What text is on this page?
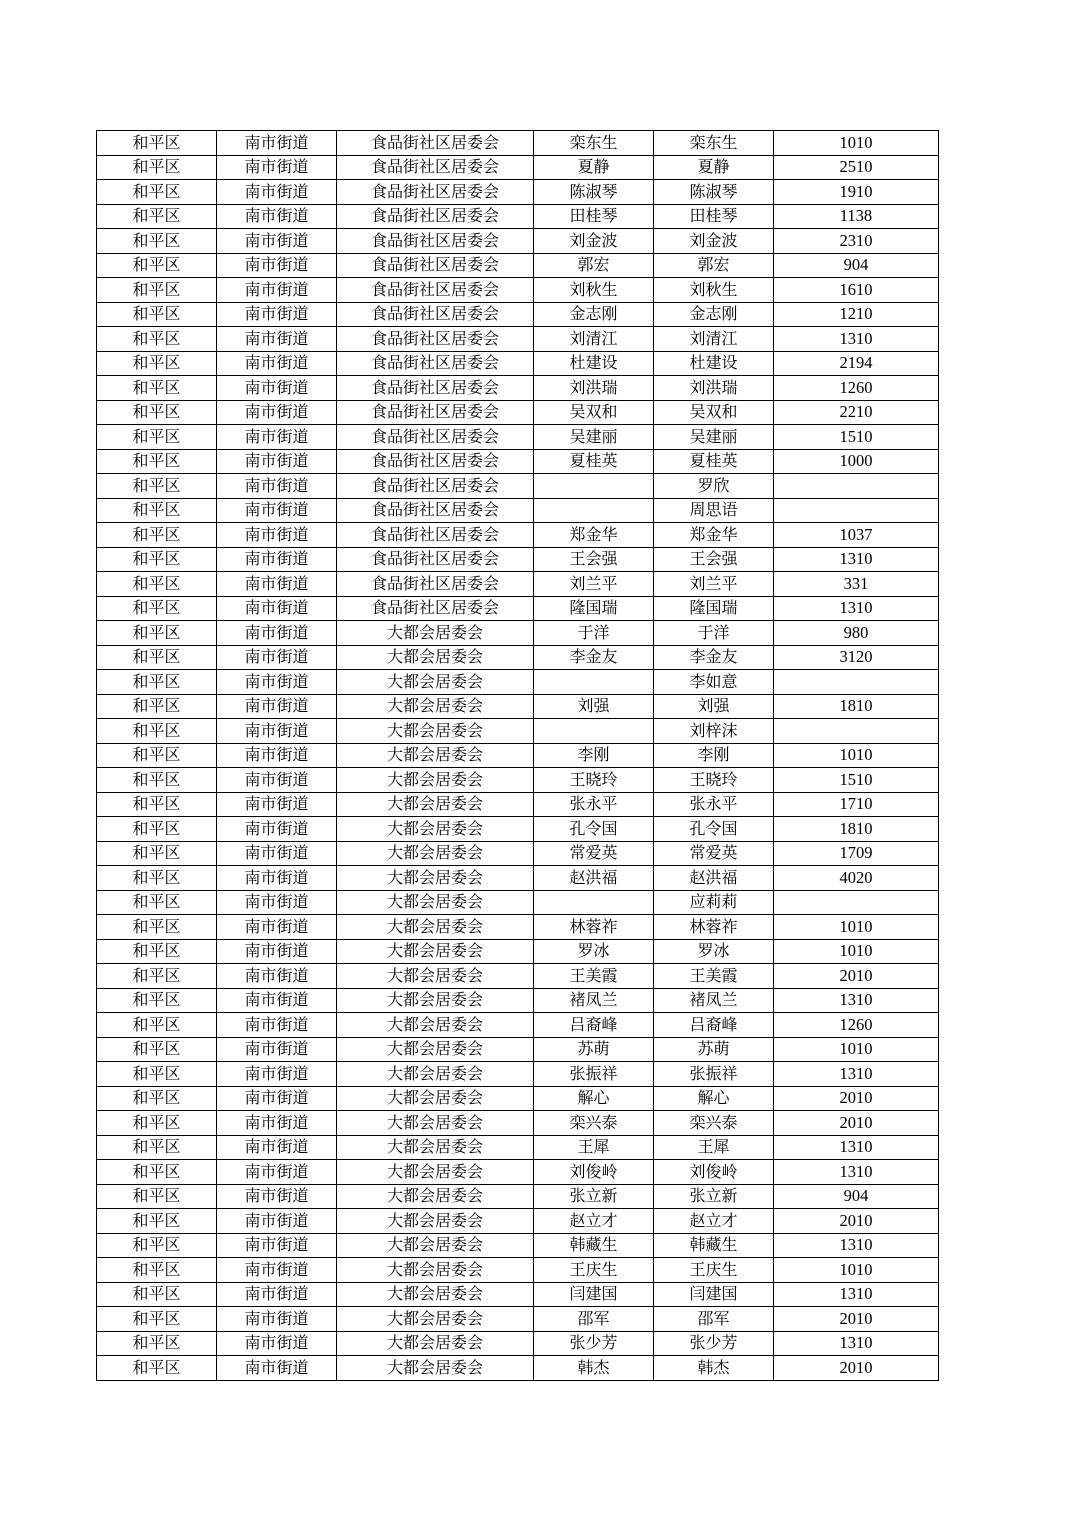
和平区	南市街道	食品街社区居委会	栾东生	栾东生	1010
和平区	南市街道	食品街社区居委会	夏静	夏静	2510
和平区	南市街道	食品街社区居委会	陈淑琴	陈淑琴	1910
和平区	南市街道	食品街社区居委会	田桂琴	田桂琴	1138
和平区	南市街道	食品街社区居委会	刘金波	刘金波	2310
和平区	南市街道	食品街社区居委会	郭宏	郭宏	904
和平区	南市街道	食品街社区居委会	刘秋生	刘秋生	1610
和平区	南市街道	食品街社区居委会	金志刚	金志刚	1210
和平区	南市街道	食品街社区居委会	刘清江	刘清江	1310
和平区	南市街道	食品街社区居委会	杜建设	杜建设	2194
和平区	南市街道	食品街社区居委会	刘洪瑞	刘洪瑞	1260
和平区	南市街道	食品街社区居委会	吴双和	吴双和	2210
和平区	南市街道	食品街社区居委会	吴建丽	吴建丽	1510
和平区	南市街道	食品街社区居委会	夏桂英	夏桂英	1000
和平区	南市街道	食品街社区居委会		罗欣	
和平区	南市街道	食品街社区居委会		周思语	
和平区	南市街道	食品街社区居委会	郑金华	郑金华	1037
和平区	南市街道	食品街社区居委会	王会强	王会强	1310
和平区	南市街道	食品街社区居委会	刘兰平	刘兰平	331
和平区	南市街道	食品街社区居委会	隆国瑞	隆国瑞	1310
和平区	南市街道	大都会居委会	于洋	于洋	980
和平区	南市街道	大都会居委会	李金友	李金友	3120
和平区	南市街道	大都会居委会		李如意	
和平区	南市街道	大都会居委会	刘强	刘强	1810
和平区	南市街道	大都会居委会		刘梓沫	
和平区	南市街道	大都会居委会	李刚	李刚	1010
和平区	南市街道	大都会居委会	王晓玲	王晓玲	1510
和平区	南市街道	大都会居委会	张永平	张永平	1710
和平区	南市街道	大都会居委会	孔令国	孔令国	1810
和平区	南市街道	大都会居委会	常爱英	常爱英	1709
和平区	南市街道	大都会居委会	赵洪福	赵洪福	4020
和平区	南市街道	大都会居委会		应莉莉	
和平区	南市街道	大都会居委会	林蓉祚	林蓉祚	1010
和平区	南市街道	大都会居委会	罗冰	罗冰	1010
和平区	南市街道	大都会居委会	王美霞	王美霞	2010
和平区	南市街道	大都会居委会	褚凤兰	褚凤兰	1310
和平区	南市街道	大都会居委会	吕裔峰	吕裔峰	1260
和平区	南市街道	大都会居委会	苏萌	苏萌	1010
和平区	南市街道	大都会居委会	张振祥	张振祥	1310
和平区	南市街道	大都会居委会	解心	解心	2010
和平区	南市街道	大都会居委会	栾兴泰	栾兴泰	2010
和平区	南市街道	大都会居委会	王犀	王犀	1310
和平区	南市街道	大都会居委会	刘俊岭	刘俊岭	1310
和平区	南市街道	大都会居委会	张立新	张立新	904
和平区	南市街道	大都会居委会	赵立才	赵立才	2010
和平区	南市街道	大都会居委会	韩藏生	韩藏生	1310
和平区	南市街道	大都会居委会	王庆生	王庆生	1010
和平区	南市街道	大都会居委会	闫建国	闫建国	1310
和平区	南市街道	大都会居委会	邵军	邵军	2010
和平区	南市街道	大都会居委会	张少芳	张少芳	1310
和平区	南市街道	大都会居委会	韩杰	韩杰	2010
